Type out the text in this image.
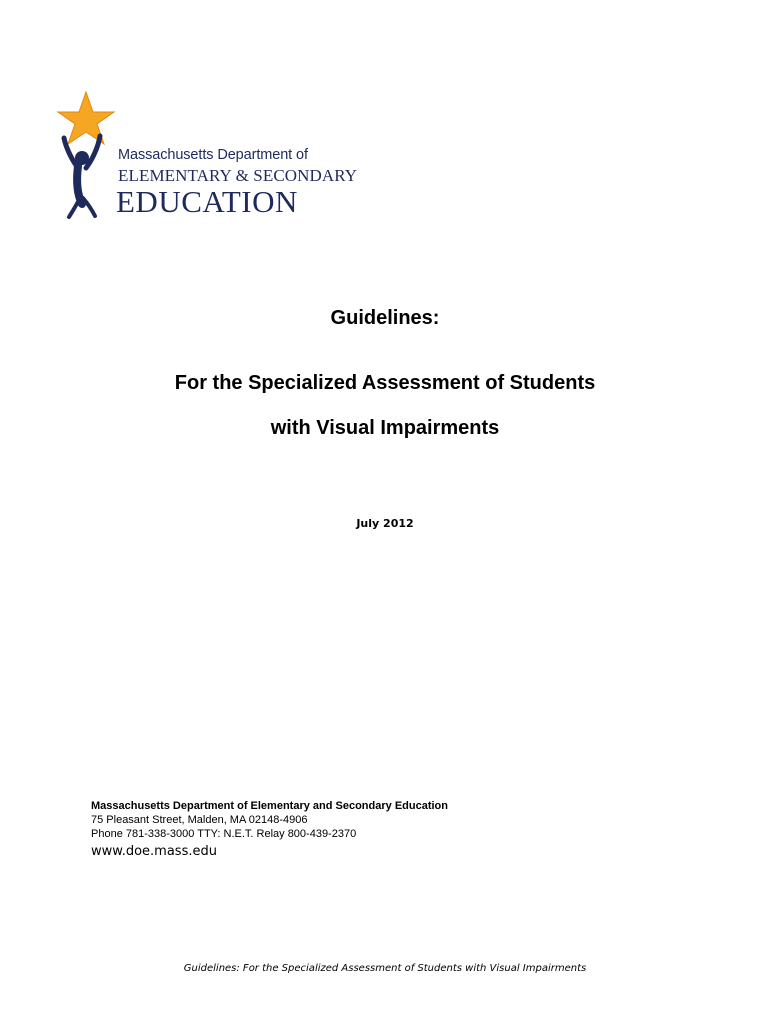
Massachusetts Department of
ELEMENTARY & SECONDARY
EDUCATION
Guidelines:
For the Specialized Assessment of Students
with Visual Impairments
July 2012
Massachusetts Department of Elementary and Secondary Education
75 Pleasant Street, Malden, MA 02148-4906
Phone 781-338-3000 TTY: N.E.T. Relay 800-439-2370
www.doe.mass.edu
Guidelines: For the Specialized Assessment of Students with Visual Impairments
